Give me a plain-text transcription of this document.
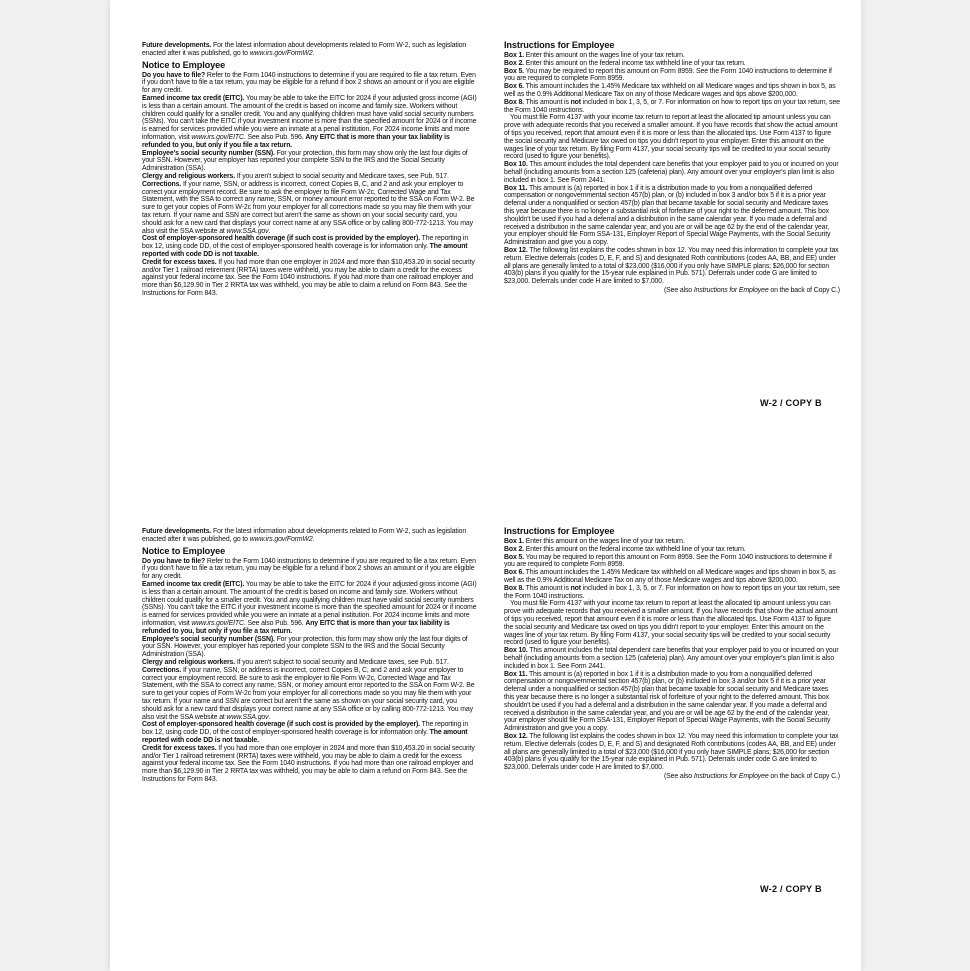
Future developments. For the latest information about developments related to Form W-2, such as legislation enacted after it was published, go to www.irs.gov/FormW2.

Notice to Employee

Do you have to file? Refer to the Form 1040 instructions to determine if you are required to file a tax return. Even if you don't have to file a tax return, you may be eligible for a refund if box 2 shows an amount or if you are eligible for any credit.

Earned income tax credit (EITC). You may be able to take the EITC for 2024 if your adjusted gross income (AGI) is less than a certain amount. The amount of the credit is based on income and family size. Workers without children could qualify for a smaller credit. You and any qualifying children must have valid social security numbers (SSNs). You can't take the EITC if your investment income is more than the specified amount for 2024 or if income is earned for services provided while you were an inmate at a penal institution. For 2024 income limits and more information, visit www.irs.gov/EITC. See also Pub. 596. Any EITC that is more than your tax liability is refunded to you, but only if you file a tax return.

Employee's social security number (SSN). For your protection, this form may show only the last four digits of your SSN. However, your employer has reported your complete SSN to the IRS and the Social Security Administration (SSA).

Clergy and religious workers. If you aren't subject to social security and Medicare taxes, see Pub. 517.

Corrections. If your name, SSN, or address is incorrect, correct Copies B, C, and 2 and ask your employer to correct your employment record. Be sure to ask the employer to file Form W-2c, Corrected Wage and Tax Statement, with the SSA to correct any name, SSN, or money amount error reported to the SSA on Form W-2. Be sure to get your copies of Form W-2c from your employer for all corrections made so you may file them with your tax return. If your name and SSN are correct but aren't the same as shown on your social security card, you should ask for a new card that displays your correct name at any SSA office or by calling 800-772-1213. You may also visit the SSA website at www.SSA.gov.

Cost of employer-sponsored health coverage (if such cost is provided by the employer). The reporting in box 12, using code DD, of the cost of employer-sponsored health coverage is for information only. The amount reported with code DD is not taxable.

Credit for excess taxes. If you had more than one employer in 2024 and more than $10,453.20 in social security and/or Tier 1 railroad retirement (RRTA) taxes were withheld, you may be able to claim a credit for the excess against your federal income tax. See the Form 1040 instructions. If you had more than one railroad employer and more than $6,129.90 in Tier 2 RRTA tax was withheld, you may be able to claim a refund on Form 843. See the Instructions for Form 843.

Instructions for Employee

Box 1. Enter this amount on the wages line of your tax return.

Box 2. Enter this amount on the federal income tax withheld line of your tax return.

Box 5. You may be required to report this amount on Form 8959. See the Form 1040 instructions to determine if you are required to complete Form 8959.

Box 6. This amount includes the 1.45% Medicare tax withheld on all Medicare wages and tips shown in box 5, as well as the 0.9% Additional Medicare Tax on any of those Medicare wages and tips above $200,000.

Box 8. This amount is not included in box 1, 3, 5, or 7. For information on how to report tips on your tax return, see the Form 1040 instructions.

You must file Form 4137 with your income tax return to report at least the allocated tip amount unless you can prove with adequate records that you received a smaller amount. If you have records that show the actual amount of tips you received, report that amount even if it is more or less than the allocated tips. Use Form 4137 to figure the social security and Medicare tax owed on tips you didn't report to your employer. Enter this amount on the wages line of your tax return. By filing Form 4137, your social security tips will be credited to your social security record (used to figure your benefits).

Box 10. This amount includes the total dependent care benefits that your employer paid to you or incurred on your behalf (including amounts from a section 125 (cafeteria) plan). Any amount over your employer's plan limit is also included in box 1. See Form 2441.

Box 11. This amount is (a) reported in box 1 if it is a distribution made to you from a nonqualified deferred compensation or nongovernmental section 457(b) plan, or (b) included in box 3 and/or box 5 if it is a prior year deferral under a nonqualified or section 457(b) plan that became taxable for social security and Medicare taxes this year because there is no longer a substantial risk of forfeiture of your right to the deferred amount. This box shouldn't be used if you had a deferral and a distribution in the same calendar year. If you made a deferral and received a distribution in the same calendar year, and you are or will be age 62 by the end of the calendar year, your employer should file Form SSA-131, Employer Report of Special Wage Payments, with the Social Security Administration and give you a copy.

Box 12. The following list explains the codes shown in box 12. You may need this information to complete your tax return. Elective deferrals (codes D, E, F, and S) and designated Roth contributions (codes AA, BB, and EE) under all plans are generally limited to a total of $23,000 ($16,000 if you only have SIMPLE plans; $26,000 for section 403(b) plans if you qualify for the 15-year rule explained in Pub. 571). Deferrals under code G are limited to $23,000. Deferrals under code H are limited to $7,000.

(See also Instructions for Employee on the back of Copy C.)

W-2 / COPY B

Future developments. For the latest information about developments related to Form W-2, such as legislation enacted after it was published, go to www.irs.gov/FormW2.

Notice to Employee

Do you have to file? Refer to the Form 1040 instructions to determine if you are required to file a tax return. Even if you don't have to file a tax return, you may be eligible for a refund if box 2 shows an amount or if you are eligible for any credit.

Earned income tax credit (EITC). You may be able to take the EITC for 2024 if your adjusted gross income (AGI) is less than a certain amount. The amount of the credit is based on income and family size. Workers without children could qualify for a smaller credit. You and any qualifying children must have valid social security numbers (SSNs). You can't take the EITC if your investment income is more than the specified amount for 2024 or if income is earned for services provided while you were an inmate at a penal institution. For 2024 income limits and more information, visit www.irs.gov/EITC. See also Pub. 596. Any EITC that is more than your tax liability is refunded to you, but only if you file a tax return.

Employee's social security number (SSN). For your protection, this form may show only the last four digits of your SSN. However, your employer has reported your complete SSN to the IRS and the Social Security Administration (SSA).

Clergy and religious workers. If you aren't subject to social security and Medicare taxes, see Pub. 517.

Corrections. If your name, SSN, or address is incorrect, correct Copies B, C, and 2 and ask your employer to correct your employment record. Be sure to ask the employer to file Form W-2c, Corrected Wage and Tax Statement, with the SSA to correct any name, SSN, or money amount error reported to the SSA on Form W-2. Be sure to get your copies of Form W-2c from your employer for all corrections made so you may file them with your tax return. If your name and SSN are correct but aren't the same as shown on your social security card, you should ask for a new card that displays your correct name at any SSA office or by calling 800-772-1213. You may also visit the SSA website at www.SSA.gov.

Cost of employer-sponsored health coverage (if such cost is provided by the employer). The reporting in box 12, using code DD, of the cost of employer-sponsored health coverage is for information only. The amount reported with code DD is not taxable.

Credit for excess taxes. If you had more than one employer in 2024 and more than $10,453.20 in social security and/or Tier 1 railroad retirement (RRTA) taxes were withheld, you may be able to claim a credit for the excess against your federal income tax. See the Form 1040 instructions. If you had more than one railroad employer and more than $6,129.90 in Tier 2 RRTA tax was withheld, you may be able to claim a refund on Form 843. See the Instructions for Form 843.

Instructions for Employee

Box 1. Enter this amount on the wages line of your tax return.

Box 2. Enter this amount on the federal income tax withheld line of your tax return.

Box 5. You may be required to report this amount on Form 8959. See the Form 1040 instructions to determine if you are required to complete Form 8959.

Box 6. This amount includes the 1.45% Medicare tax withheld on all Medicare wages and tips shown in box 5, as well as the 0.9% Additional Medicare Tax on any of those Medicare wages and tips above $200,000.

Box 8. This amount is not included in box 1, 3, 5, or 7. For information on how to report tips on your tax return, see the Form 1040 instructions.

You must file Form 4137 with your income tax return to report at least the allocated tip amount unless you can prove with adequate records that you received a smaller amount. If you have records that show the actual amount of tips you received, report that amount even if it is more or less than the allocated tips. Use Form 4137 to figure the social security and Medicare tax owed on tips you didn't report to your employer. Enter this amount on the wages line of your tax return. By filing Form 4137, your social security tips will be credited to your social security record (used to figure your benefits).

Box 10. This amount includes the total dependent care benefits that your employer paid to you or incurred on your behalf (including amounts from a section 125 (cafeteria) plan). Any amount over your employer's plan limit is also included in box 1. See Form 2441.

Box 11. This amount is (a) reported in box 1 if it is a distribution made to you from a nonqualified deferred compensation or nongovernmental section 457(b) plan, or (b) included in box 3 and/or box 5 if it is a prior year deferral under a nonqualified or section 457(b) plan that became taxable for social security and Medicare taxes this year because there is no longer a substantial risk of forfeiture of your right to the deferred amount. This box shouldn't be used if you had a deferral and a distribution in the same calendar year. If you made a deferral and received a distribution in the same calendar year, and you are or will be age 62 by the end of the calendar year, your employer should file Form SSA-131, Employer Report of Special Wage Payments, with the Social Security Administration and give you a copy.

Box 12. The following list explains the codes shown in box 12. You may need this information to complete your tax return. Elective deferrals (codes D, E, F, and S) and designated Roth contributions (codes AA, BB, and EE) under all plans are generally limited to a total of $23,000 ($16,000 if you only have SIMPLE plans; $26,000 for section 403(b) plans if you qualify for the 15-year rule explained in Pub. 571). Deferrals under code G are limited to $23,000. Deferrals under code H are limited to $7,000.

(See also Instructions for Employee on the back of Copy C.)

W-2 / COPY B
